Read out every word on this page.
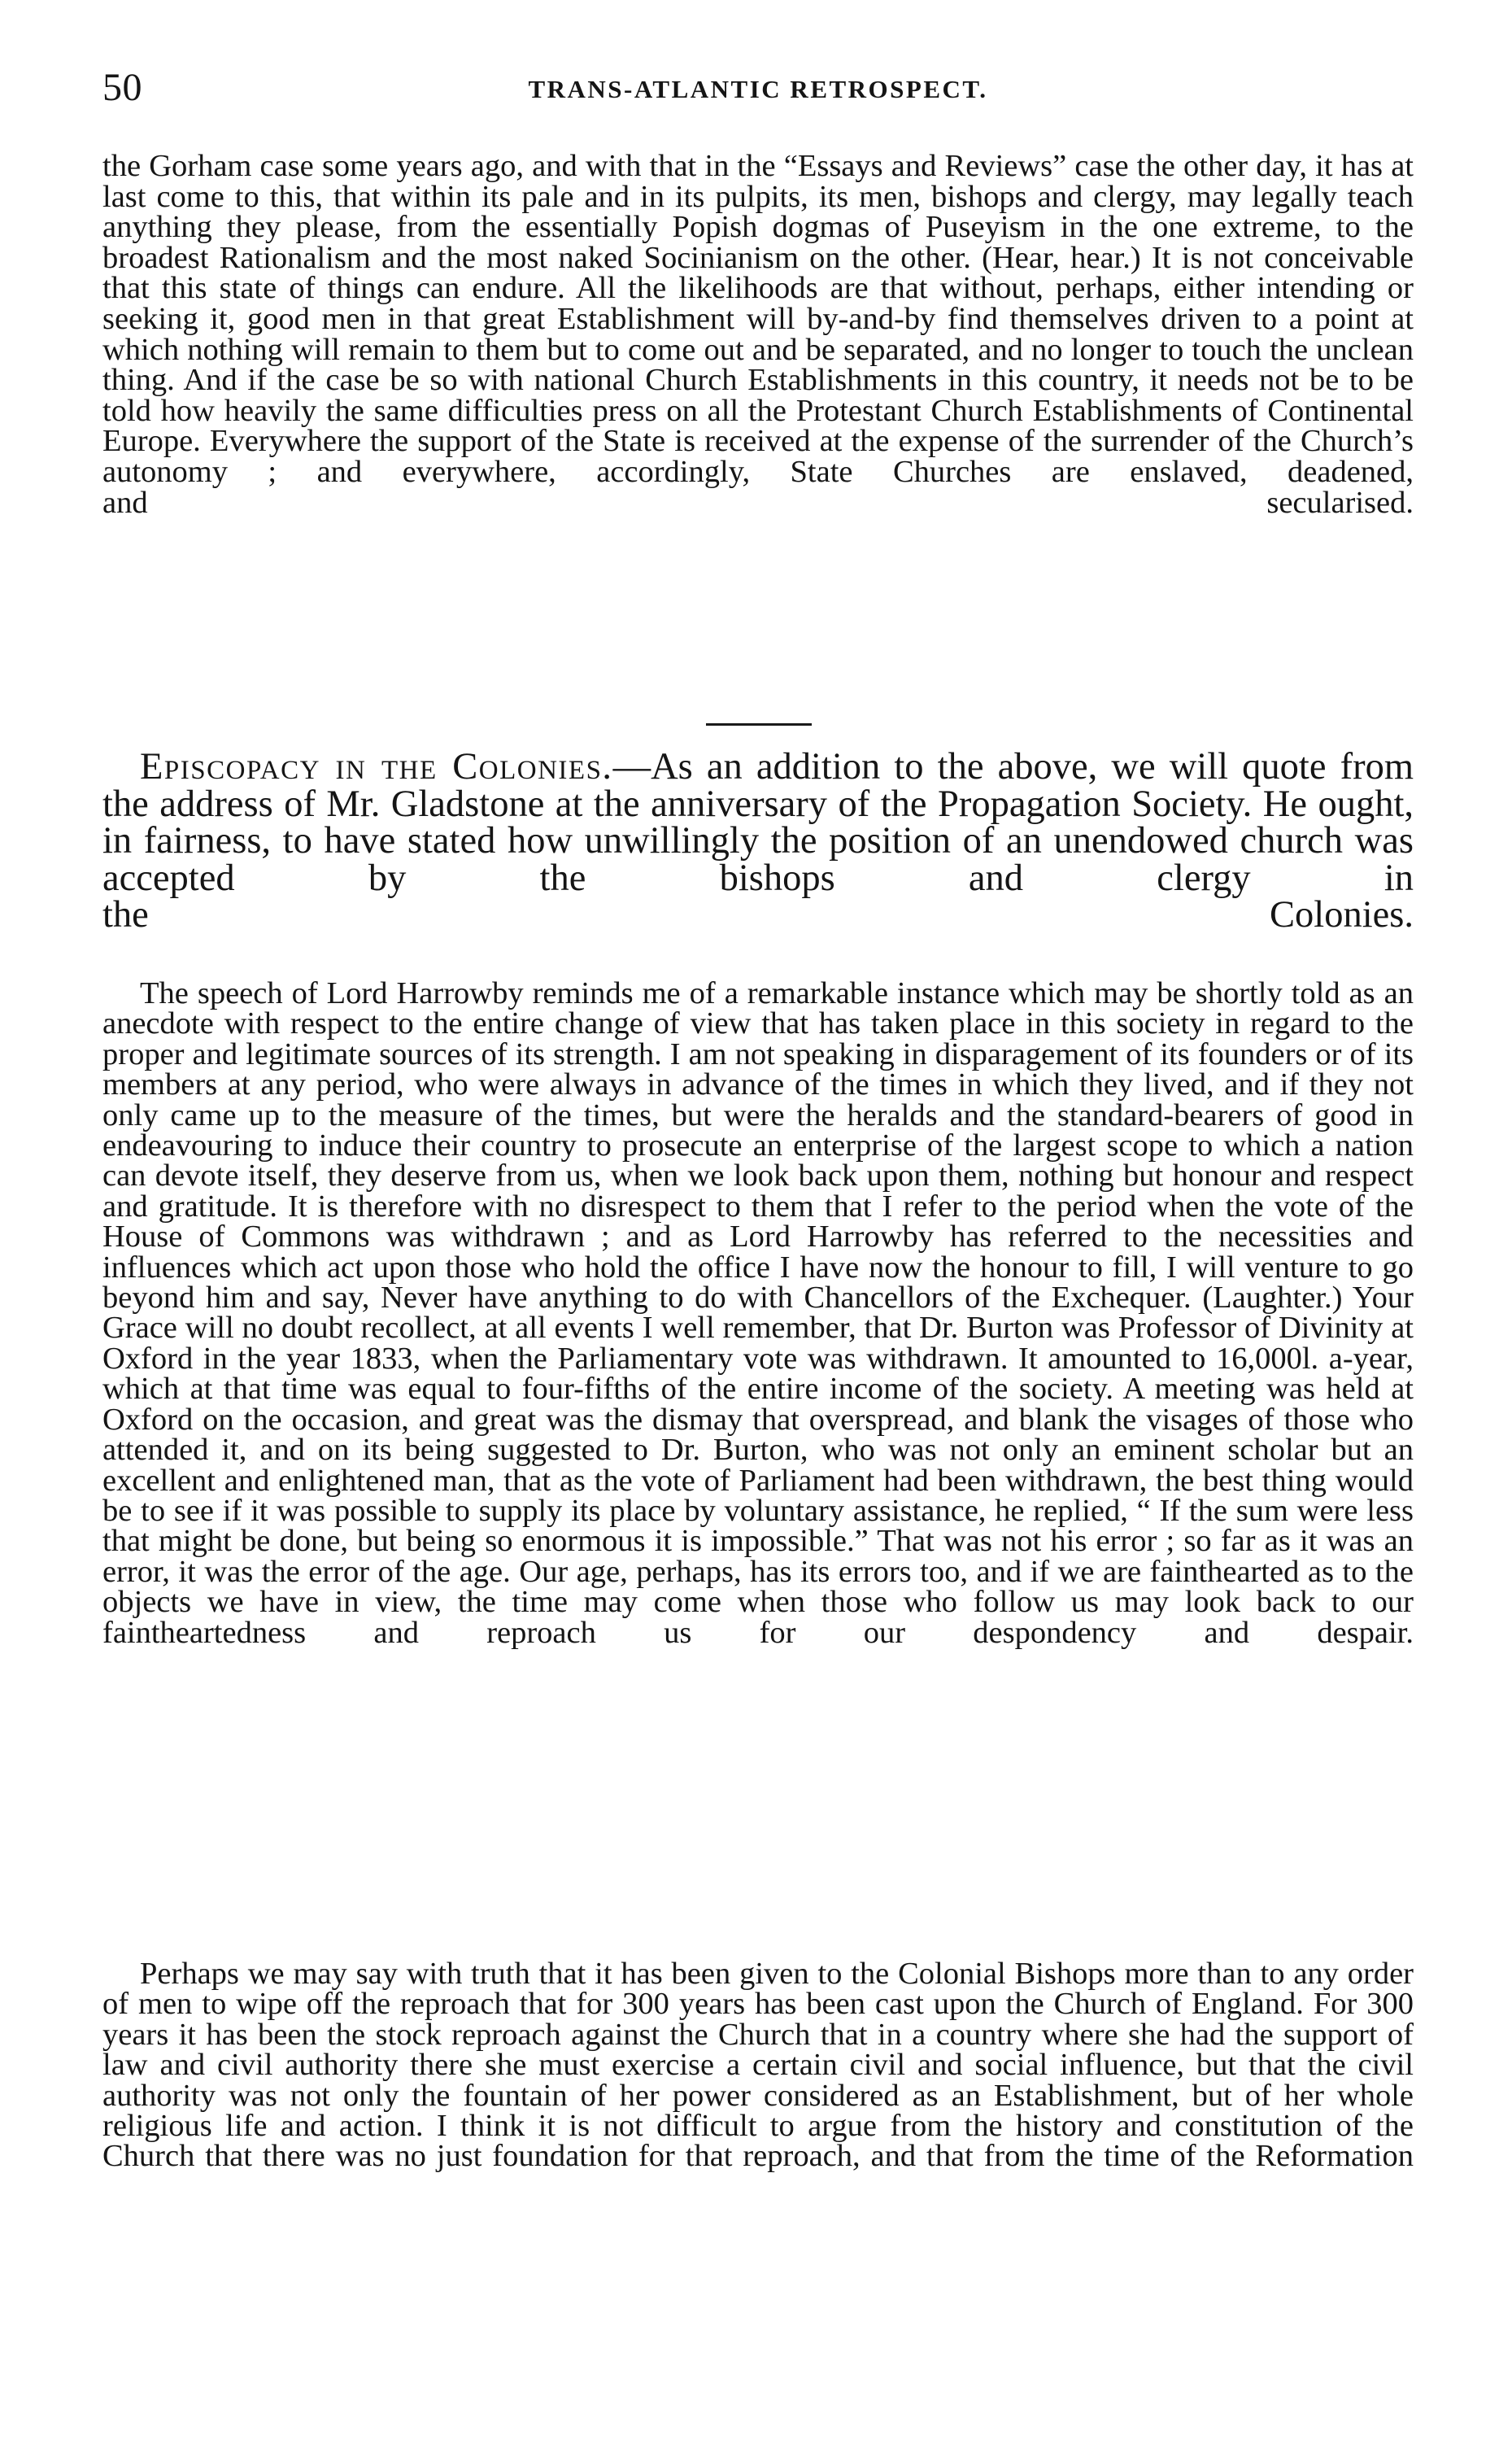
50	TRANS-ATLANTIC RETROSPECT.

the Gorham case some years ago, and with that in the “Essays and Reviews” case the other day, it has at last come to this, that within its pale and in its pulpits, its men, bishops and clergy, may legally teach anything they please, from the essentially Popish dogmas of Puseyism in the one extreme, to the broadest Rationalism and the most naked Socinianism on the other. (Hear, hear.) It is not conceivable that this state of things can endure. All the likelihoods are that without, perhaps, either intending or seeking it, good men in that great Establishment will by-and-by find themselves driven to a point at which nothing will remain to them but to come out and be separated, and no longer to touch the unclean thing. And if the case be so with national Church Establishments in this country, it needs not be to be told how heavily the same difficulties press on all the Protestant Church Establishments of Continental Europe. Everywhere the support of the State is received at the expense of the surrender of the Church’s autonomy ; and everywhere, accordingly, State Churches are enslaved, deadened,

and secularised.

Episcopacy in the Colonies.—As an addition to the above, we will quote from the address of Mr. Gladstone at the anniversary of the Propagation Society. He ought, in fairness, to have stated how unwillingly the position of an unendowed church was accepted by the bishops and clergy in

the Colonies.

The speech of Lord Harrowby reminds me of a remarkable instance which may be shortly told as an anecdote with respect to the entire change of view that has taken place in this society in regard to the proper and legitimate sources of its strength. I am not speaking in disparagement of its founders or of its members at any period, who were always in advance of the times in which they lived, and if they not only came up to the measure of the times, but were the heralds and the standard-bearers of good in endeavouring to induce their country to prosecute an enterprise of the largest scope to which a nation can devote itself, they deserve from us, when we look back upon them, nothing but honour and respect and gratitude. It is therefore with no disrespect to them that I refer to the period when the vote of the House of Commons was withdrawn ; and as Lord Harrowby has referred to the necessities and influences which act upon those who hold the office I have now the honour to fill, I will venture to go beyond him and say, Never have anything to do with Chancellors of the Exchequer. (Laughter.) Your Grace will no doubt recollect, at all events I well remember, that Dr. Burton was Professor of Divinity at Oxford in the year 1833, when the Parliamentary vote was withdrawn. It amounted to 16,000l. a-year, which at that time was equal to four-fifths of the entire income of the society. A meeting was held at Oxford on the occasion, and great was the dismay that overspread, and blank the visages of those who attended it, and on its being suggested to Dr. Burton, who was not only an eminent scholar but an excellent and enlightened man, that as the vote of Parliament had been withdrawn, the best thing would be to see if it was possible to supply its place by voluntary assistance, he replied, “ If the sum were less that might be done, but being so enormous it is impossible.” That was not his error ; so far as it was an error, it was the error of the age. Our age, perhaps, has its errors too, and if we are fainthearted as to the objects we have in view, the time may come when those who follow us may look back to our

faintheartedness and reproach us for our despondency and despair.

Perhaps we may say with truth that it has been given to the Colonial Bishops more than to any order of men to wipe off the reproach that for 300 years has been cast upon the Church of England. For 300 years it has been the stock reproach against the Church that in a country where she had the support of law and civil authority there she must exercise a certain civil and social influence, but that the civil authority was not only the fountain of her power considered as an Establishment, but of her whole religious life and action. I think it is not difficult to argue from the history and constitution of the Church that there was no just foundation for that reproach, and that from the time of the Reformation
